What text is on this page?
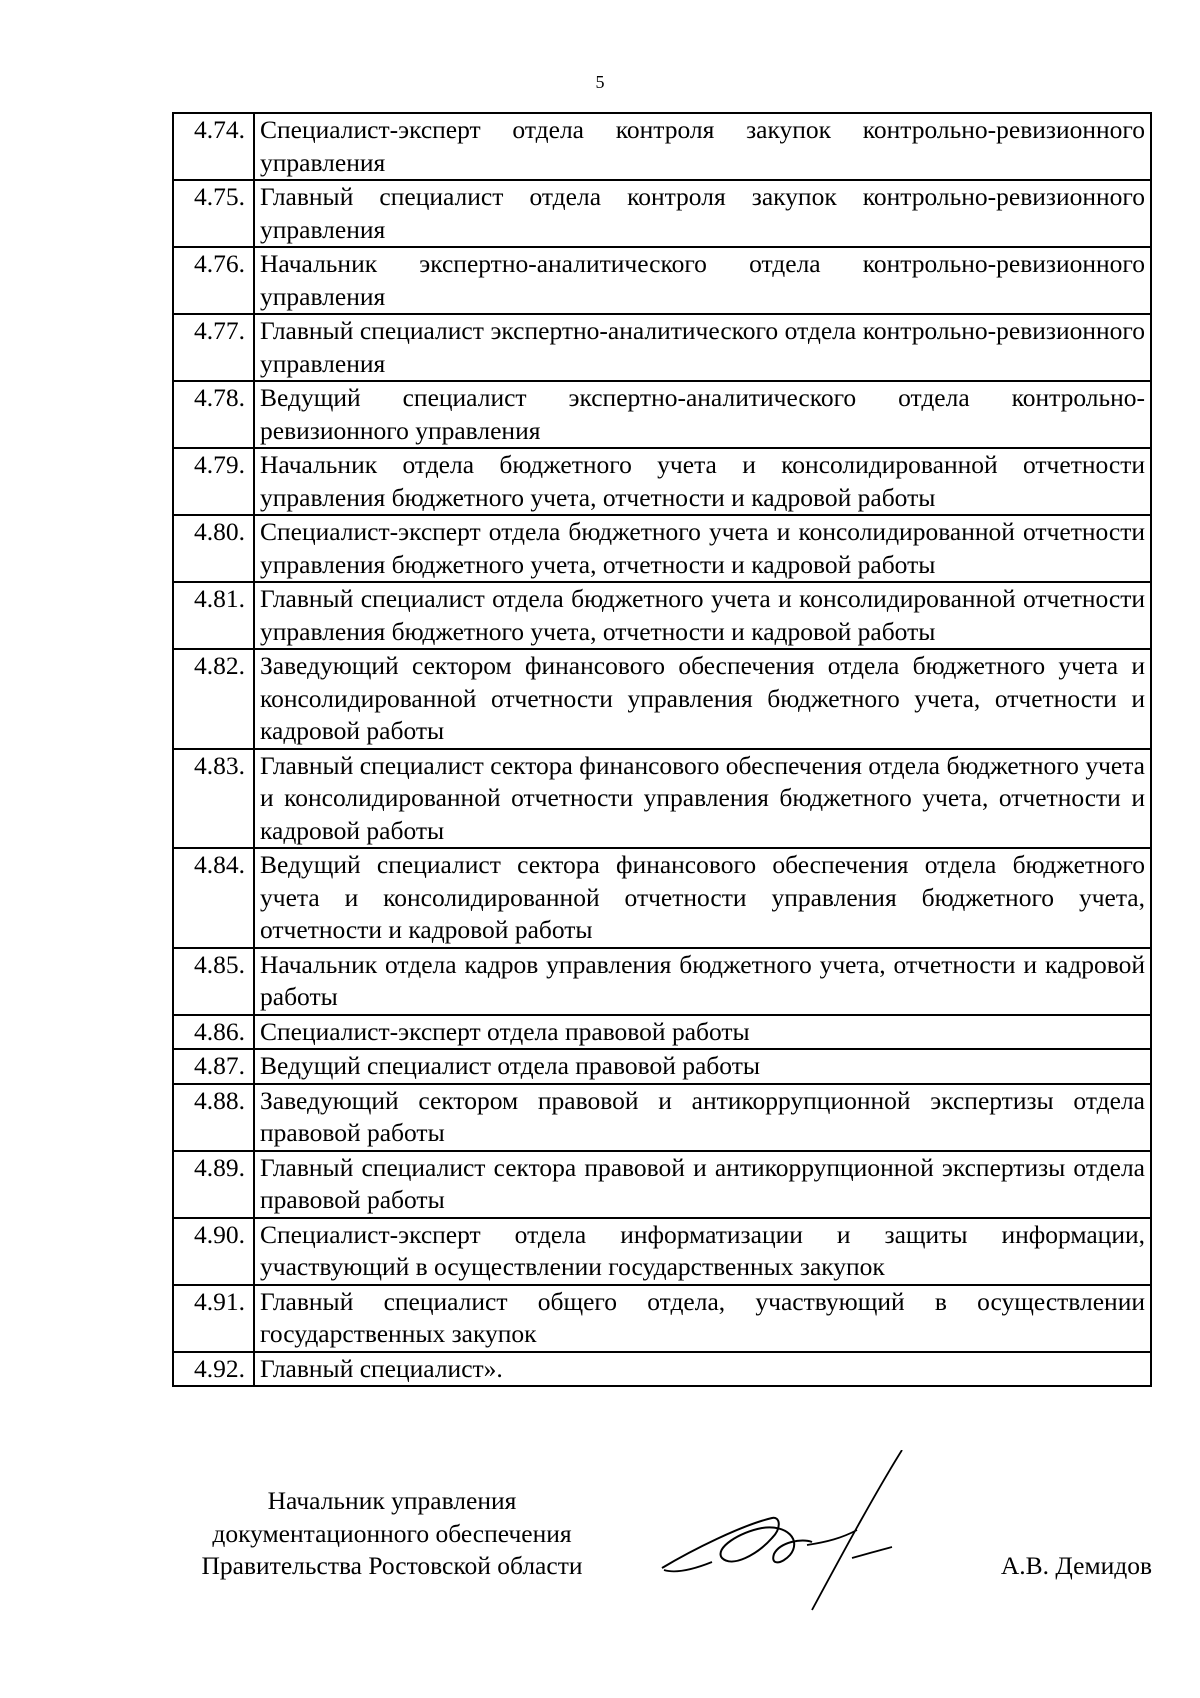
5
4.74.	Специалист-эксперт отдела контроля закупок контрольно-ревизионного управления
4.75.	Главный специалист отдела контроля закупок контрольно-ревизионного управления
4.76.	Начальник экспертно-аналитического отдела контрольно-ревизионного управления
4.77.	Главный специалист экспертно-аналитического отдела контрольно-ревизионного управления
4.78.	Ведущий специалист экспертно-аналитического отдела контрольно-ревизионного управления
4.79.	Начальник отдела бюджетного учета и консолидированной отчетности управления бюджетного учета, отчетности и кадровой работы
4.80.	Специалист-эксперт отдела бюджетного учета и консолидированной отчетности управления бюджетного учета, отчетности и кадровой работы
4.81.	Главный специалист отдела бюджетного учета и консолидированной отчетности управления бюджетного учета, отчетности и кадровой работы
4.82.	Заведующий сектором финансового обеспечения отдела бюджетного учета и консолидированной отчетности управления бюджетного учета, отчетности и кадровой работы
4.83.	Главный специалист сектора финансового обеспечения отдела бюджетного учета и консолидированной отчетности управления бюджетного учета, отчетности и кадровой работы
4.84.	Ведущий специалист сектора финансового обеспечения отдела бюджетного учета и консолидированной отчетности управления бюджетного учета, отчетности и кадровой работы
4.85.	Начальник отдела кадров управления бюджетного учета, отчетности и кадровой работы
4.86.	Специалист-эксперт отдела правовой работы
4.87.	Ведущий специалист отдела правовой работы
4.88.	Заведующий сектором правовой и антикоррупционной экспертизы отдела правовой работы
4.89.	Главный специалист сектора правовой и антикоррупционной экспертизы отдела правовой работы
4.90.	Специалист-эксперт отдела информатизации и защиты информации, участвующий в осуществлении государственных закупок
4.91.	Главный специалист общего отдела, участвующий в осуществлении государственных закупок
4.92.	Главный специалист».
Начальник управления
документационного обеспечения
Правительства Ростовской области	А.В. Демидов
